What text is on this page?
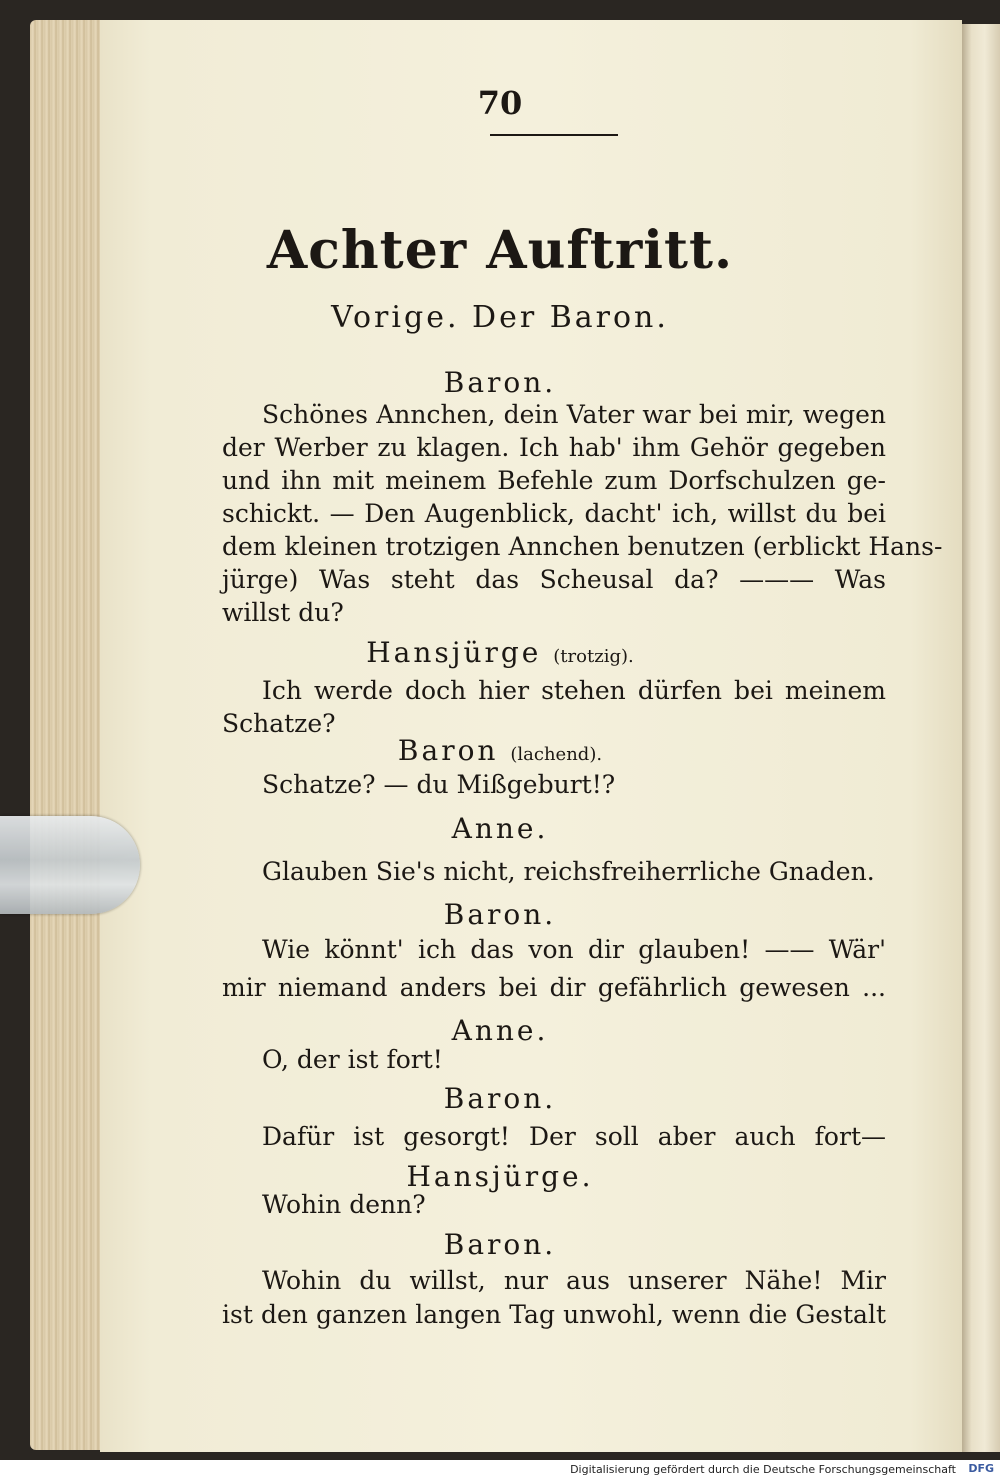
70
Achter Auftritt.
Vorige. Der Baron.
Baron.
Schönes Annchen, dein Vater war bei mir, wegen
der Werber zu klagen. Ich hab' ihm Gehör gegeben
und ihn mit meinem Befehle zum Dorfschulzen ge-
schickt. — Den Augenblick, dacht' ich, willst du bei
dem kleinen trotzigen Annchen benutzen (erblickt Hans-
jürge) Was steht das Scheusal da? ——— Was
willst du?
Hansjürge (trotzig).
Ich werde doch hier stehen dürfen bei meinem
Schatze?
Baron (lachend).
Schatze? — du Mißgeburt!?
Anne.
Glauben Sie's nicht, reichsfreiherrliche Gnaden.
Baron.
Wie könnt' ich das von dir glauben! —— Wär'
mir niemand anders bei dir gefährlich gewesen ...
Anne.
O, der ist fort!
Baron.
Dafür ist gesorgt! Der soll aber auch fort—
Hansjürge.
Wohin denn?
Baron.
Wohin du willst, nur aus unserer Nähe! Mir
ist den ganzen langen Tag unwohl, wenn die Gestalt
Digitalisierung gefördert durch die Deutsche Forschungsgemeinschaft DFG
